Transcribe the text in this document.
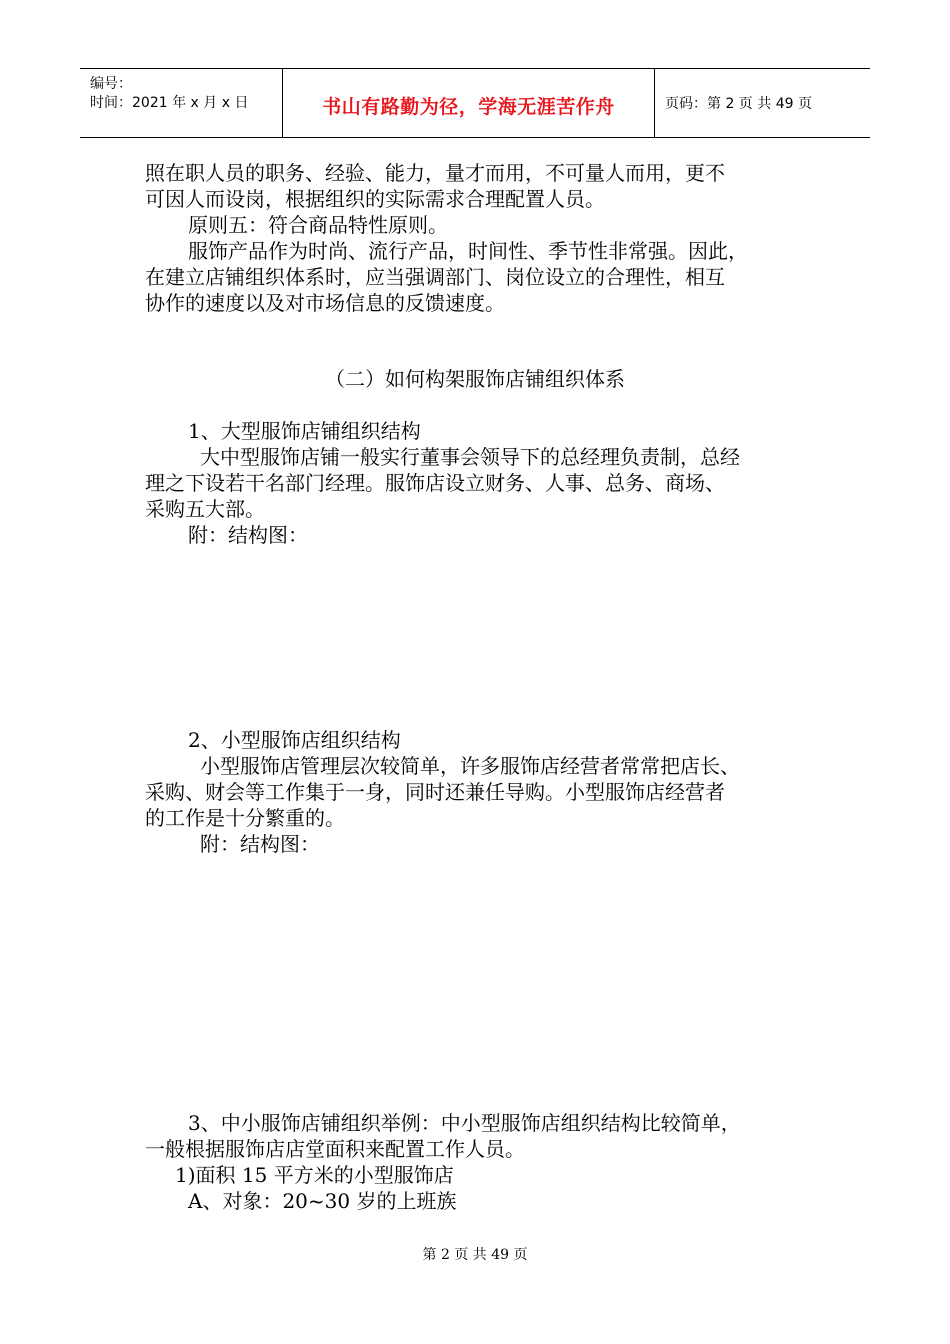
编号：
时间：2021 年 x 月 x 日	书山有路勤为径，学海无涯苦作舟	页码：第 2 页 共 49 页
照在职人员的职务、经验、能力，量才而用，不可量人而用，更不
可因人而设岗，根据组织的实际需求合理配置人员。
原则五：符合商品特性原则。
服饰产品作为时尚、流行产品，时间性、季节性非常强。因此，
在建立店铺组织体系时，应当强调部门、岗位设立的合理性，相互
协作的速度以及对市场信息的反馈速度。
（二）如何构架服饰店铺组织体系
1、大型服饰店铺组织结构
大中型服饰店铺一般实行董事会领导下的总经理负责制，总经
理之下设若干名部门经理。服饰店设立财务、人事、总务、商场、
采购五大部。
附：结构图：
2、小型服饰店组织结构
小型服饰店管理层次较简单，许多服饰店经营者常常把店长、
采购、财会等工作集于一身，同时还兼任导购。小型服饰店经营者
的工作是十分繁重的。
附：结构图：
3、中小服饰店铺组织举例：中小型服饰店组织结构比较简单，
一般根据服饰店店堂面积来配置工作人员。
1)面积 15 平方米的小型服饰店
A、对象：20~30 岁的上班族
第 2 页 共 49 页
